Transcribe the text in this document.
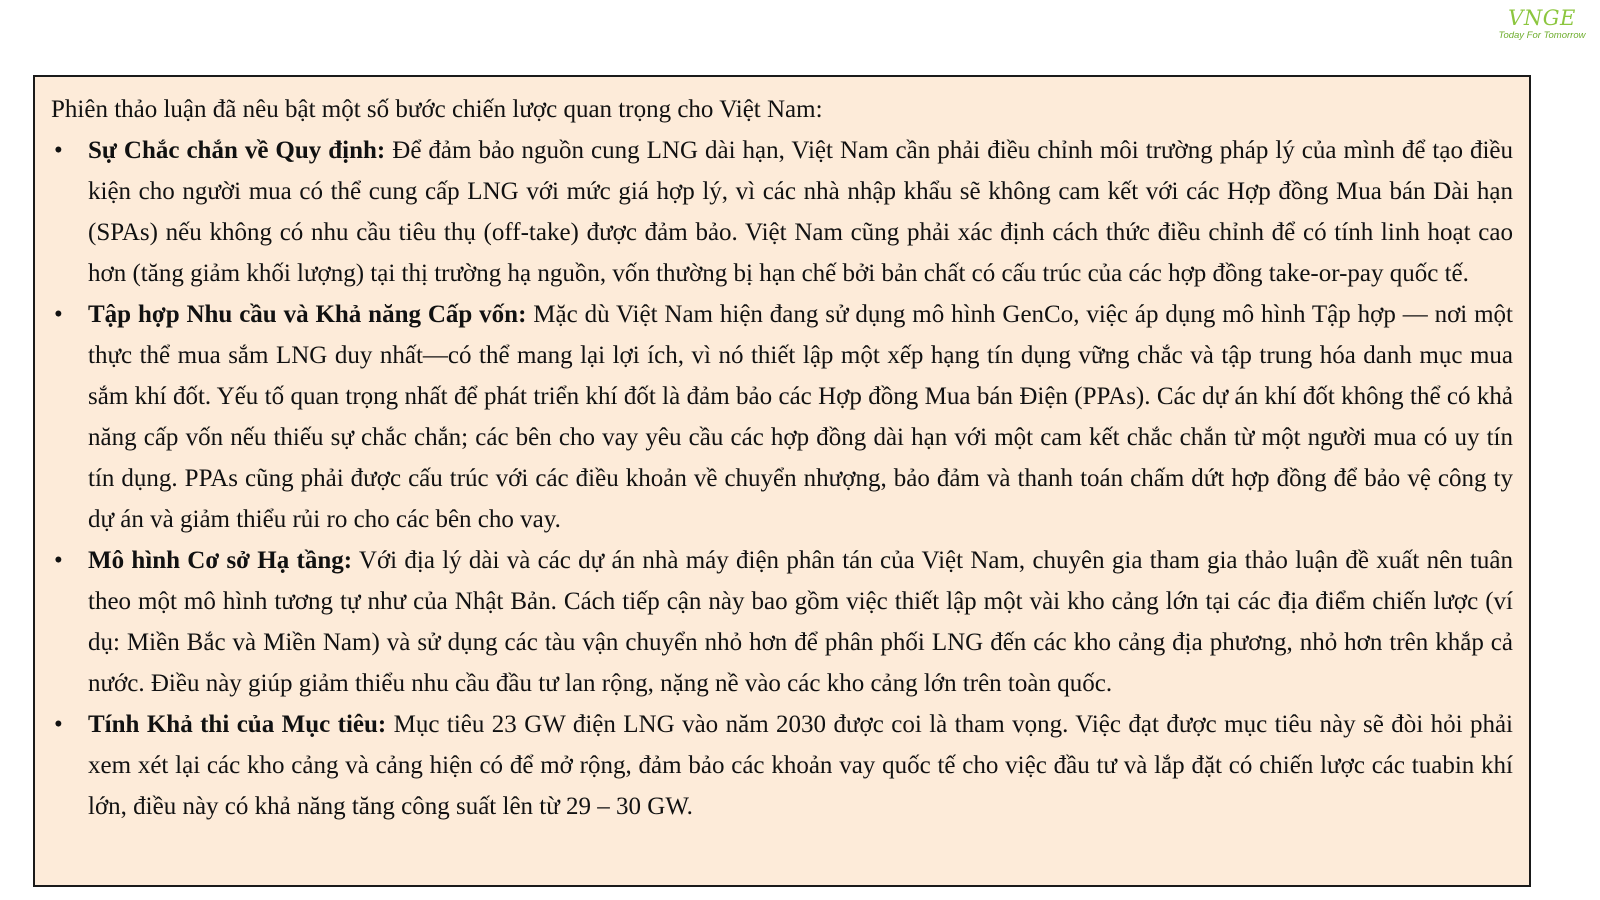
VNGE
Today For Tomorrow

Phiên thảo luận đã nêu bật một số bước chiến lược quan trọng cho Việt Nam:

• Sự Chắc chắn về Quy định: Để đảm bảo nguồn cung LNG dài hạn, Việt Nam cần phải điều chỉnh môi trường pháp lý của mình để tạo điều kiện cho người mua có thể cung cấp LNG với mức giá hợp lý, vì các nhà nhập khẩu sẽ không cam kết với các Hợp đồng Mua bán Dài hạn (SPAs) nếu không có nhu cầu tiêu thụ (off-take) được đảm bảo. Việt Nam cũng phải xác định cách thức điều chỉnh để có tính linh hoạt cao hơn (tăng giảm khối lượng) tại thị trường hạ nguồn, vốn thường bị hạn chế bởi bản chất có cấu trúc của các hợp đồng take-or-pay quốc tế.
• Tập hợp Nhu cầu và Khả năng Cấp vốn: Mặc dù Việt Nam hiện đang sử dụng mô hình GenCo, việc áp dụng mô hình Tập hợp — nơi một thực thể mua sắm LNG duy nhất—có thể mang lại lợi ích, vì nó thiết lập một xếp hạng tín dụng vững chắc và tập trung hóa danh mục mua sắm khí đốt. Yếu tố quan trọng nhất để phát triển khí đốt là đảm bảo các Hợp đồng Mua bán Điện (PPAs). Các dự án khí đốt không thể có khả năng cấp vốn nếu thiếu sự chắc chắn; các bên cho vay yêu cầu các hợp đồng dài hạn với một cam kết chắc chắn từ một người mua có uy tín tín dụng. PPAs cũng phải được cấu trúc với các điều khoản về chuyển nhượng, bảo đảm và thanh toán chấm dứt hợp đồng để bảo vệ công ty dự án và giảm thiểu rủi ro cho các bên cho vay.
• Mô hình Cơ sở Hạ tầng: Với địa lý dài và các dự án nhà máy điện phân tán của Việt Nam, chuyên gia tham gia thảo luận đề xuất nên tuân theo một mô hình tương tự như của Nhật Bản. Cách tiếp cận này bao gồm việc thiết lập một vài kho cảng lớn tại các địa điểm chiến lược (ví dụ: Miền Bắc và Miền Nam) và sử dụng các tàu vận chuyển nhỏ hơn để phân phối LNG đến các kho cảng địa phương, nhỏ hơn trên khắp cả nước. Điều này giúp giảm thiểu nhu cầu đầu tư lan rộng, nặng nề vào các kho cảng lớn trên toàn quốc.
• Tính Khả thi của Mục tiêu: Mục tiêu 23 GW điện LNG vào năm 2030 được coi là tham vọng. Việc đạt được mục tiêu này sẽ đòi hỏi phải xem xét lại các kho cảng và cảng hiện có để mở rộng, đảm bảo các khoản vay quốc tế cho việc đầu tư và lắp đặt có chiến lược các tuabin khí lớn, điều này có khả năng tăng công suất lên từ 29 – 30 GW.
